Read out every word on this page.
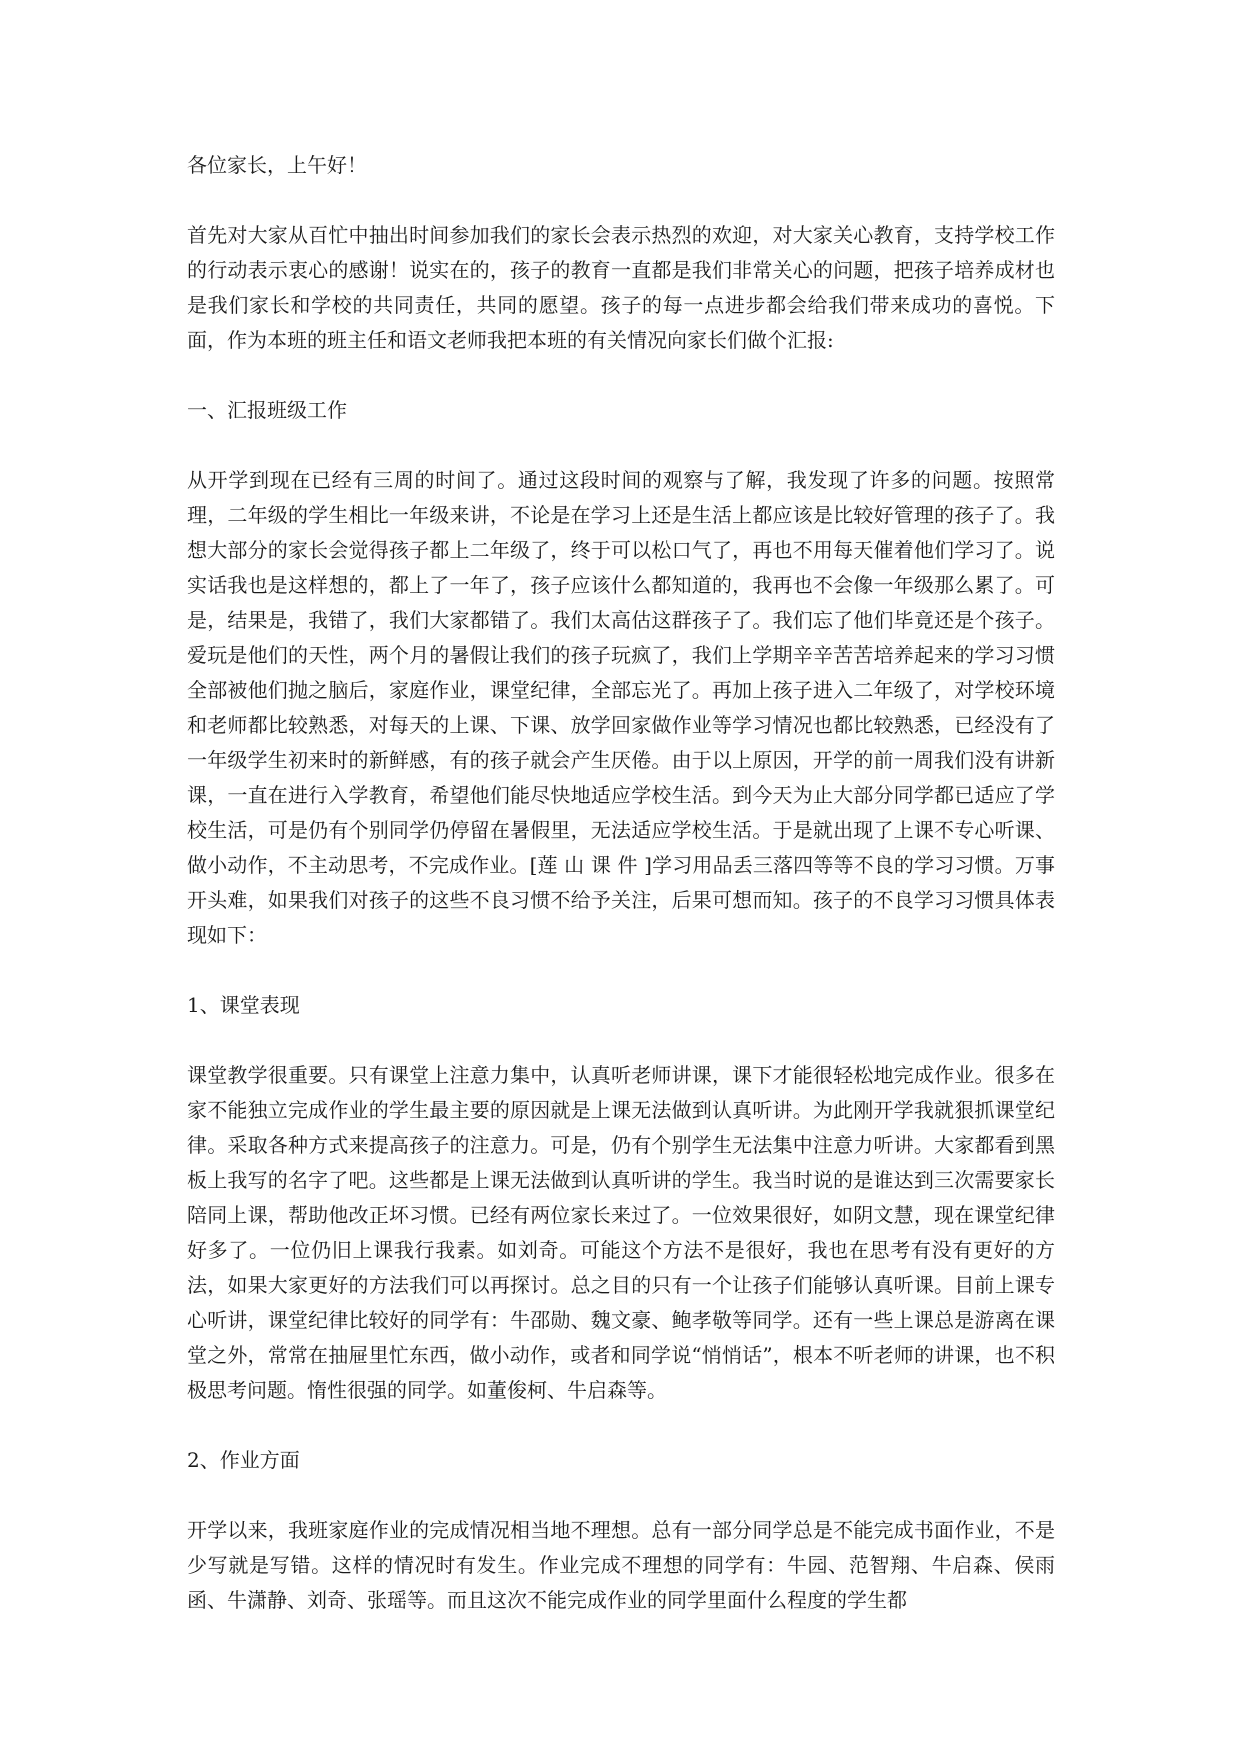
各位家长，上午好！

首先对大家从百忙中抽出时间参加我们的家长会表示热烈的欢迎，对大家关心教育，支持学校工作的行动表示衷心的感谢！说实在的，孩子的教育一直都是我们非常关心的问题，把孩子培养成材也是我们家长和学校的共同责任，共同的愿望。孩子的每一点进步都会给我们带来成功的喜悦。下面，作为本班的班主任和语文老师我把本班的有关情况向家长们做个汇报:

一、汇报班级工作

从开学到现在已经有三周的时间了。通过这段时间的观察与了解，我发现了许多的问题。按照常理，二年级的学生相比一年级来讲，不论是在学习上还是生活上都应该是比较好管理的孩子了。我想大部分的家长会觉得孩子都上二年级了，终于可以松口气了，再也不用每天催着他们学习了。说实话我也是这样想的，都上了一年了，孩子应该什么都知道的，我再也不会像一年级那么累了。可是，结果是，我错了，我们大家都错了。我们太高估这群孩子了。我们忘了他们毕竟还是个孩子。爱玩是他们的天性，两个月的暑假让我们的孩子玩疯了，我们上学期辛辛苦苦培养起来的学习习惯全部被他们抛之脑后，家庭作业，课堂纪律，全部忘光了。再加上孩子进入二年级了，对学校环境和老师都比较熟悉，对每天的上课、下课、放学回家做作业等学习情况也都比较熟悉，已经没有了一年级学生初来时的新鲜感，有的孩子就会产生厌倦。由于以上原因，开学的前一周我们没有讲新课，一直在进行入学教育，希望他们能尽快地适应学校生活。到今天为止大部分同学都已适应了学校生活，可是仍有个别同学仍停留在暑假里，无法适应学校生活。于是就出现了上课不专心听课、做小动作，不主动思考，不完成作业。[莲 山 课 件 ]学习用品丢三落四等等不良的学习习惯。万事开头难，如果我们对孩子的这些不良习惯不给予关注，后果可想而知。孩子的不良学习习惯具体表现如下：

1、课堂表现

课堂教学很重要。只有课堂上注意力集中，认真听老师讲课，课下才能很轻松地完成作业。很多在家不能独立完成作业的学生最主要的原因就是上课无法做到认真听讲。为此刚开学我就狠抓课堂纪律。采取各种方式来提高孩子的注意力。可是，仍有个别学生无法集中注意力听讲。大家都看到黑板上我写的名字了吧。这些都是上课无法做到认真听讲的学生。我当时说的是谁达到三次需要家长陪同上课，帮助他改正坏习惯。已经有两位家长来过了。一位效果很好，如阴文慧，现在课堂纪律好多了。一位仍旧上课我行我素。如刘奇。可能这个方法不是很好，我也在思考有没有更好的方法，如果大家更好的方法我们可以再探讨。总之目的只有一个让孩子们能够认真听课。目前上课专心听讲，课堂纪律比较好的同学有：牛邵勋、魏文豪、鲍孝敬等同学。还有一些上课总是游离在课堂之外，常常在抽屉里忙东西，做小动作，或者和同学说“悄悄话”，根本不听老师的讲课，也不积极思考问题。惰性很强的同学。如董俊柯、牛启森等。

2、作业方面

开学以来，我班家庭作业的完成情况相当地不理想。总有一部分同学总是不能完成书面作业，不是少写就是写错。这样的情况时有发生。作业完成不理想的同学有：牛园、范智翔、牛启森、侯雨函、牛潇静、刘奇、张瑶等。而且这次不能完成作业的同学里面什么程度的学生都
